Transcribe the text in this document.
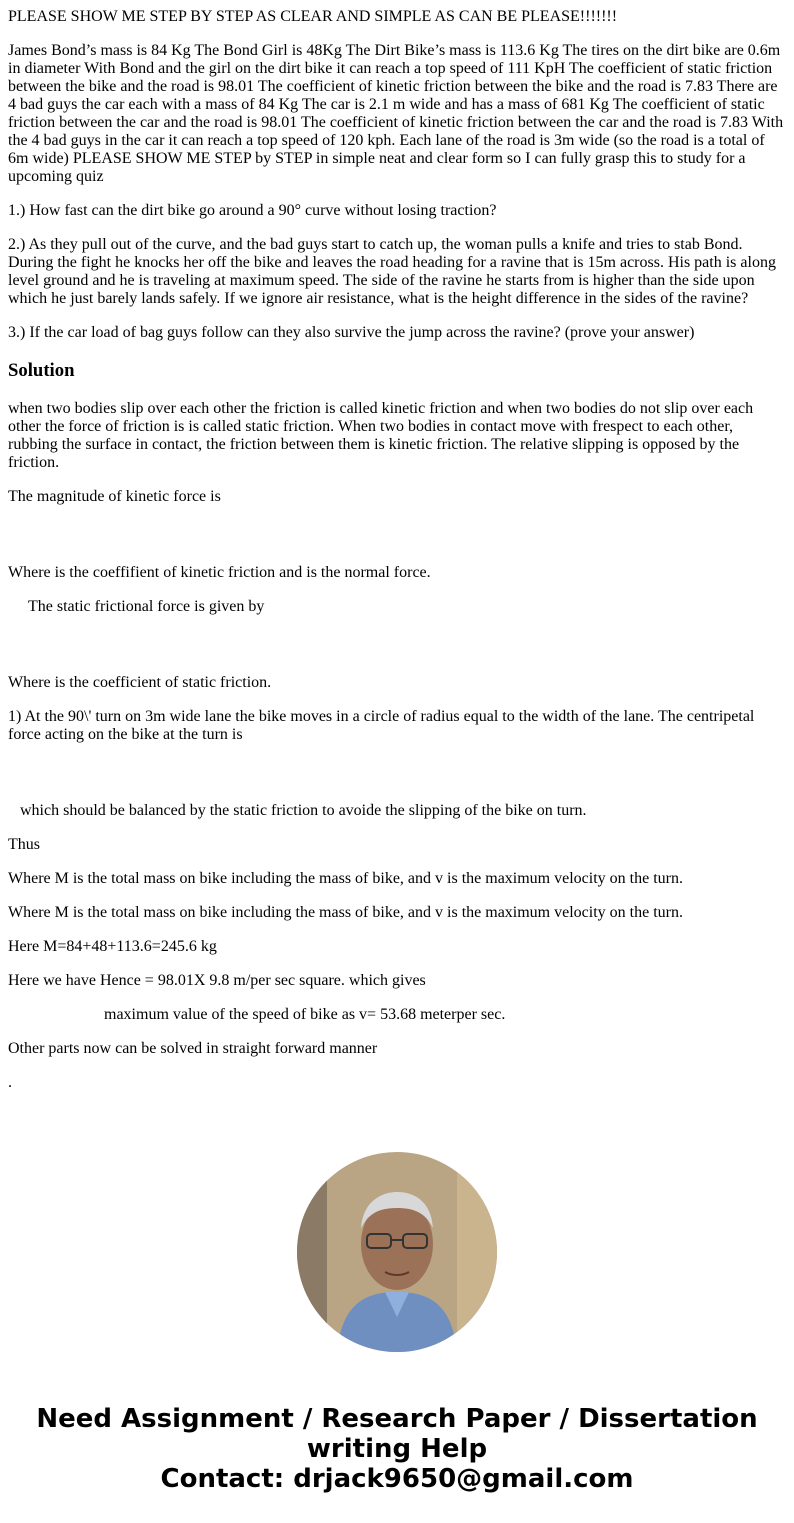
PLEASE SHOW ME STEP BY STEP AS CLEAR AND SIMPLE AS CAN BE PLEASE!!!!!!!

James Bond’s mass is 84 Kg The Bond Girl is 48Kg The Dirt Bike’s mass is 113.6 Kg The tires on the dirt bike are 0.6m in diameter With Bond and the girl on the dirt bike it can reach a top speed of 111 KpH The coefficient of static friction between the bike and the road is 98.01 The coefficient of kinetic friction between the bike and the road is 7.83 There are 4 bad guys the car each with a mass of 84 Kg The car is 2.1 m wide and has a mass of 681 Kg The coefficient of static friction between the car and the road is 98.01 The coefficient of kinetic friction between the car and the road is 7.83 With the 4 bad guys in the car it can reach a top speed of 120 kph. Each lane of the road is 3m wide (so the road is a total of 6m wide) PLEASE SHOW ME STEP by STEP in simple neat and clear form so I can fully grasp this to study for a upcoming quiz

1.) How fast can the dirt bike go around a 90° curve without losing traction?

2.) As they pull out of the curve, and the bad guys start to catch up, the woman pulls a knife and tries to stab Bond. During the fight he knocks her off the bike and leaves the road heading for a ravine that is 15m across. His path is along level ground and he is traveling at maximum speed. The side of the ravine he starts from is higher than the side upon which he just barely lands safely. If we ignore air resistance, what is the height difference in the sides of the ravine?

3.) If the car load of bag guys follow can they also survive the jump across the ravine? (prove your answer)

Solution

when two bodies slip over each other the friction is called kinetic friction and when two bodies do not slip over each other the force of friction is is called static friction. When two bodies in contact move with frespect to each other, rubbing the surface in contact, the friction between them is kinetic friction. The relative slipping is opposed by the friction.

The magnitude of kinetic force is

Where is the coeffifient of kinetic friction and is the normal force.

The static frictional force is given by

Where is the coefficient of static friction.

1) At the 90\' turn on 3m wide lane the bike moves in a circle of radius equal to the width of the lane. The centripetal force acting on the bike at the turn is

which should be balanced by the static friction to avoide the slipping of the bike on turn.

Thus

Where M is the total mass on bike including the mass of bike, and v is the maximum velocity on the turn.

Where M is the total mass on bike including the mass of bike, and v is the maximum velocity on the turn.

Here M=84+48+113.6=245.6 kg

Here we have Hence = 98.01X 9.8 m/per sec square. which gives

maximum value of the speed of bike as v= 53.68 meterper sec.

Other parts now can be solved in straight forward manner

.

Need Assignment / Research Paper / Dissertation
writing Help
Contact: drjack9650@gmail.com
